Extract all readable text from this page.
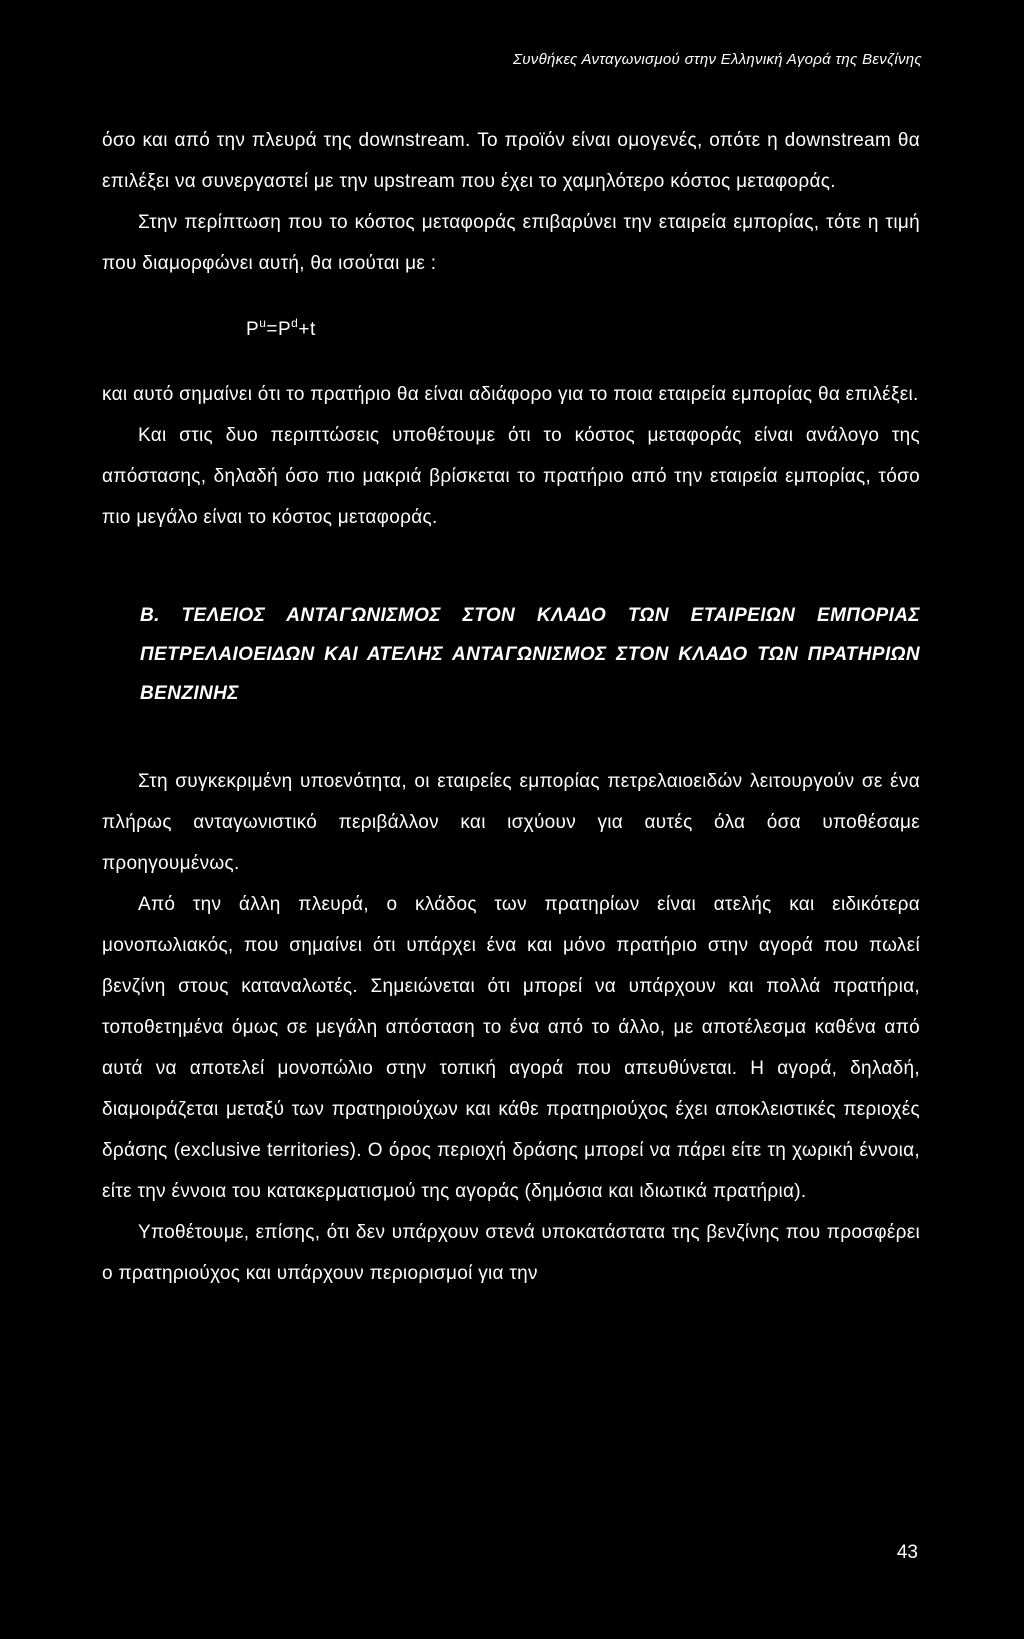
Συνθήκες Ανταγωνισμού στην Ελληνική Αγορά της Βενζίνης

όσο και από την πλευρά της downstream. Το προϊόν είναι ομογενές, οπότε η downstream θα επιλέξει να συνεργαστεί με την upstream που έχει το χαμηλότερο κόστος μεταφοράς.

Στην περίπτωση που το κόστος μεταφοράς επιβαρύνει την εταιρεία εμπορίας, τότε η τιμή που διαμορφώνει αυτή, θα ισούται με :

$P^u=P^d+t$

και αυτό σημαίνει ότι το πρατήριο θα είναι αδιάφορο για το ποια εταιρεία εμπορίας θα επιλέξει.

Και στις δυο περιπτώσεις υποθέτουμε ότι το κόστος μεταφοράς είναι ανάλογο της απόστασης, δηλαδή όσο πιο μακριά βρίσκεται το πρατήριο από την εταιρεία εμπορίας, τόσο πιο μεγάλο είναι το κόστος μεταφοράς.

Β. ΤΕΛΕΙΟΣ ΑΝΤΑΓΩΝΙΣΜΟΣ ΣΤΟΝ ΚΛΑΔΟ ΤΩΝ ΕΤΑΙΡΕΙΩΝ ΕΜΠΟΡΙΑΣ ΠΕΤΡΕΛΑΙΟΕΙΔΩΝ ΚΑΙ ΑΤΕΛΗΣ ΑΝΤΑΓΩΝΙΣΜΟΣ ΣΤΟΝ ΚΛΑΔΟ ΤΩΝ ΠΡΑΤΗΡΙΩΝ ΒΕΝΖΙΝΗΣ

Στη συγκεκριμένη υποενότητα, οι εταιρείες εμπορίας πετρελαιοειδών λειτουργούν σε ένα πλήρως ανταγωνιστικό περιβάλλον και ισχύουν για αυτές όλα όσα υποθέσαμε προηγουμένως.

Από την άλλη πλευρά, ο κλάδος των πρατηρίων είναι ατελής και ειδικότερα μονοπωλιακός, που σημαίνει ότι υπάρχει ένα και μόνο πρατήριο στην αγορά που πωλεί βενζίνη στους καταναλωτές. Σημειώνεται ότι μπορεί να υπάρχουν και πολλά πρατήρια, τοποθετημένα όμως σε μεγάλη απόσταση το ένα από το άλλο, με αποτέλεσμα καθένα από αυτά να αποτελεί μονοπώλιο στην τοπική αγορά που απευθύνεται. Η αγορά, δηλαδή, διαμοιράζεται μεταξύ των πρατηριούχων και κάθε πρατηριούχος έχει αποκλειστικές περιοχές δράσης (exclusive territories). Ο όρος περιοχή δράσης μπορεί να πάρει είτε τη χωρική έννοια, είτε την έννοια του κατακερματισμού της αγοράς (δημόσια και ιδιωτικά πρατήρια).

Υποθέτουμε, επίσης, ότι δεν υπάρχουν στενά υποκατάστατα της βενζίνης που προσφέρει ο πρατηριούχος και υπάρχουν περιορισμοί για την

43
